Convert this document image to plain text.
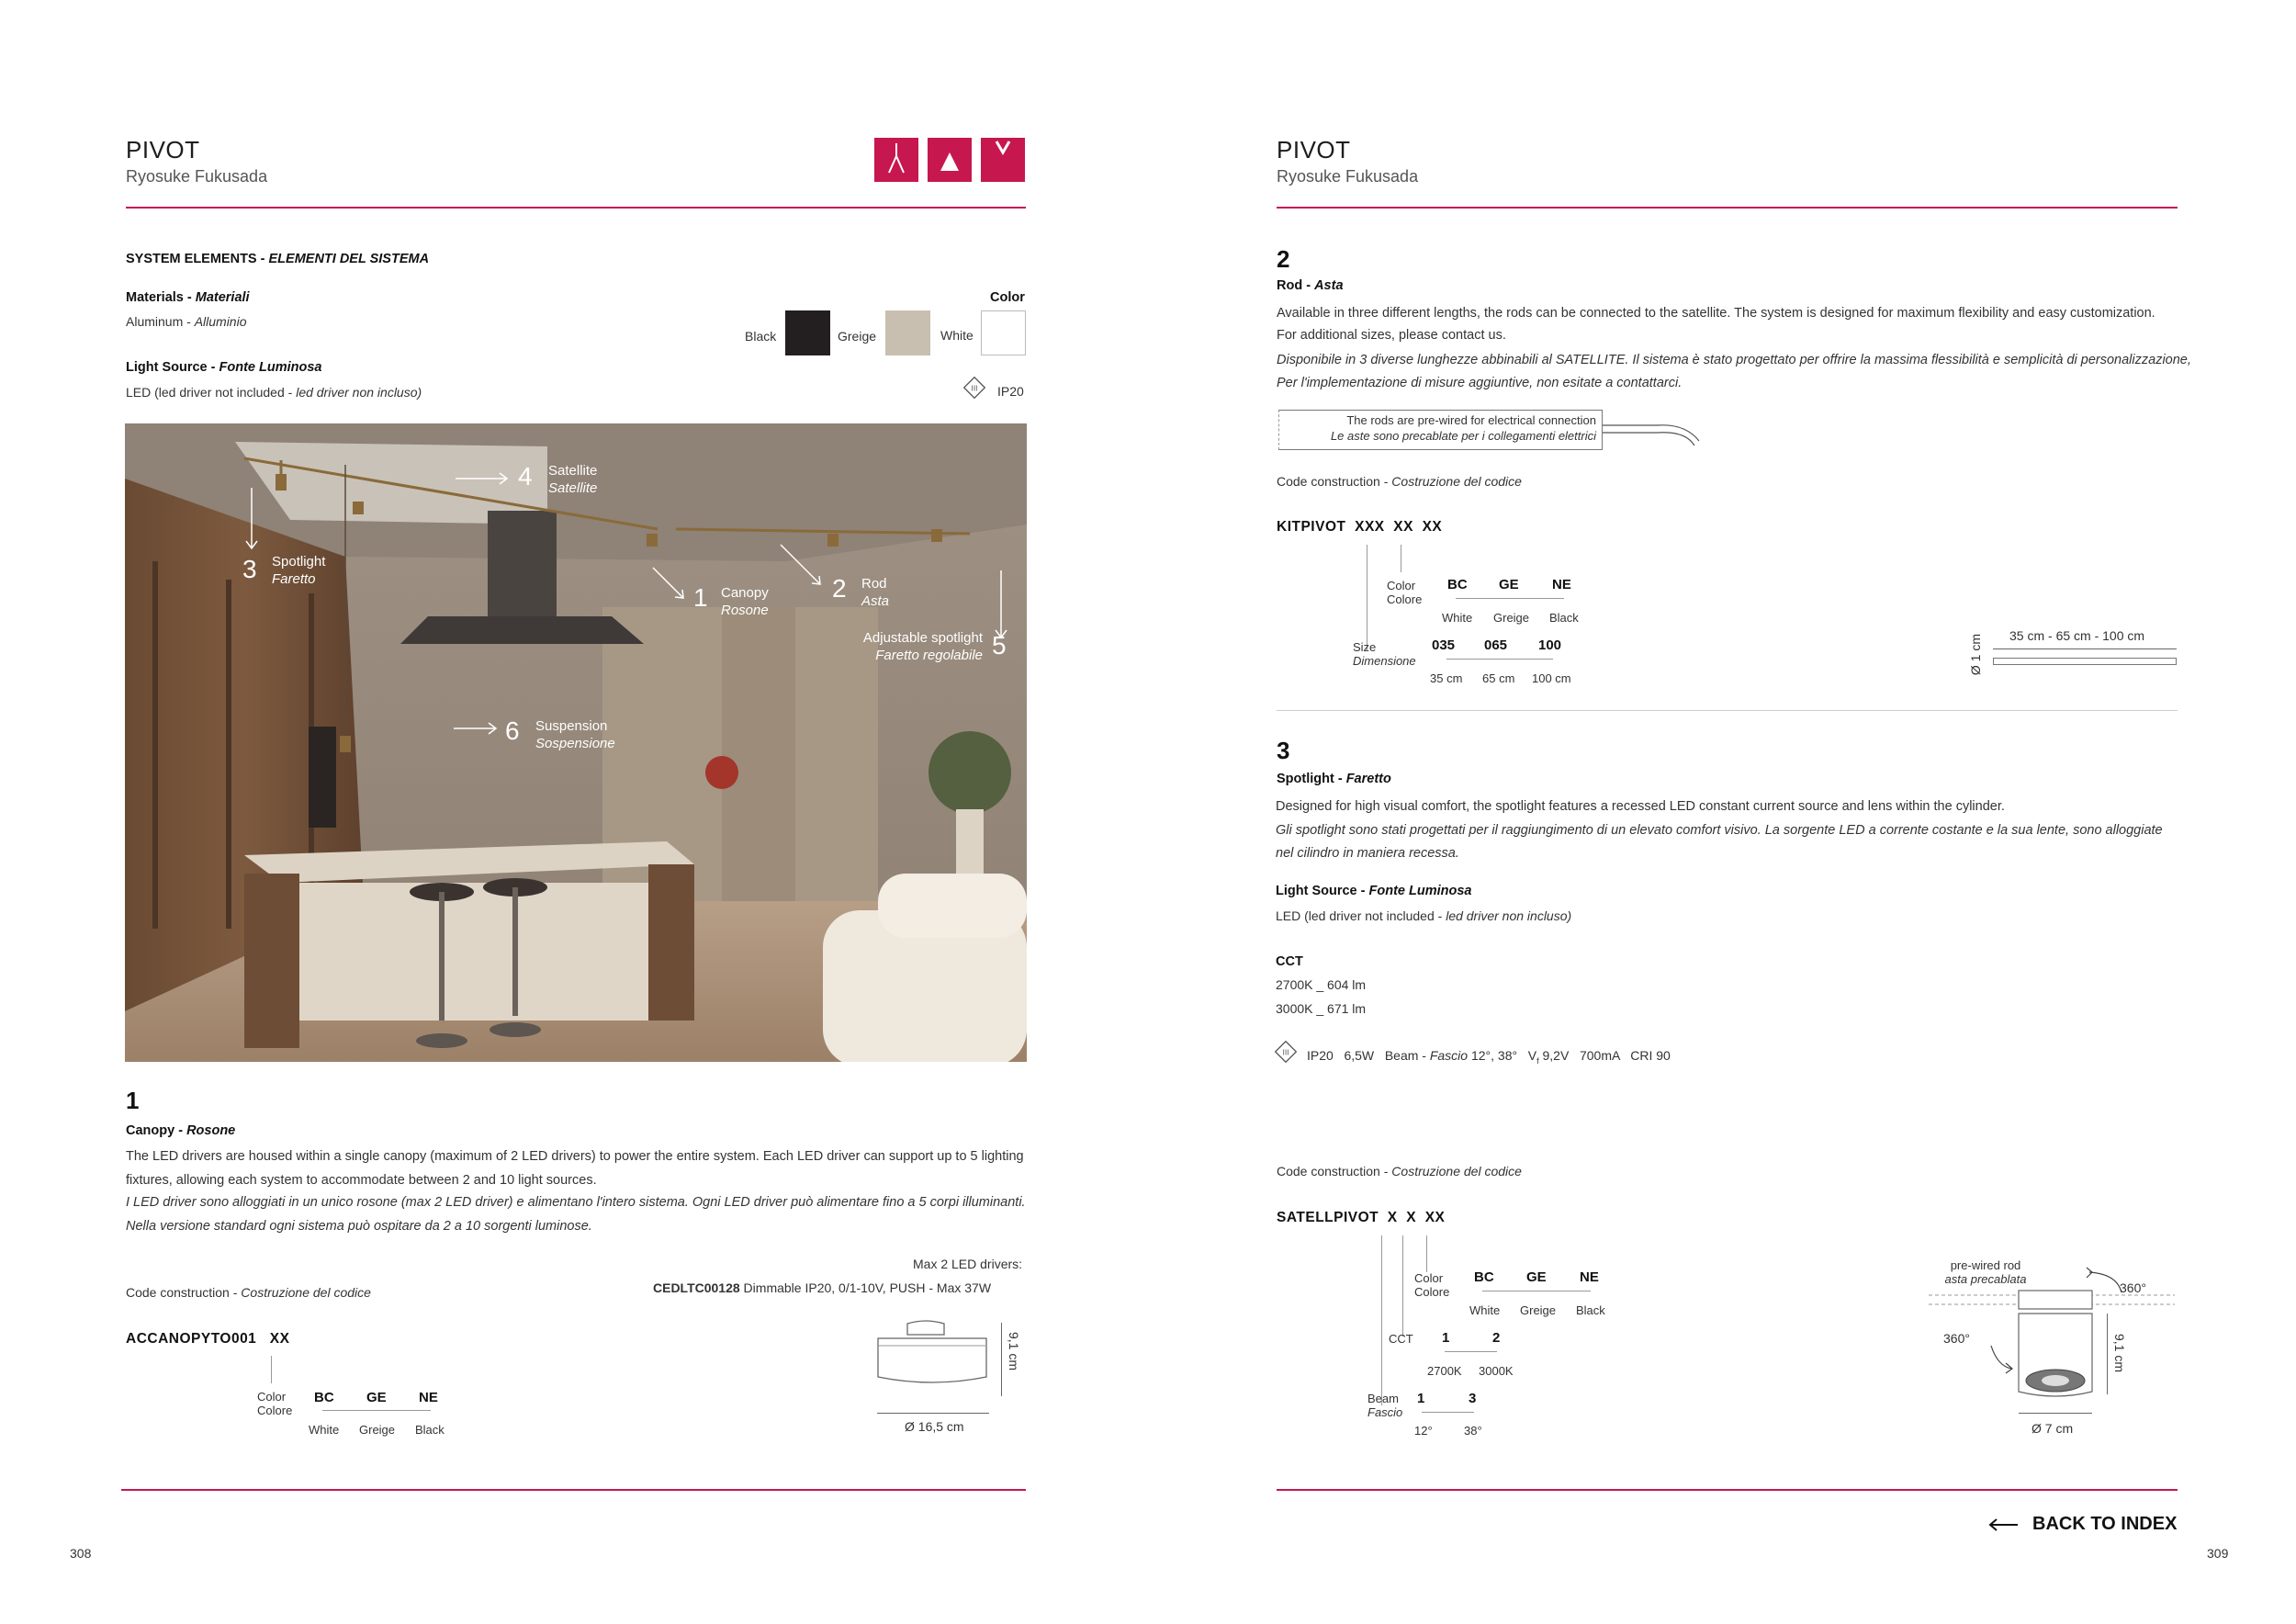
PIVOT
Ryosuke Fukusada
SYSTEM ELEMENTS - ELEMENTI DEL SISTEMA
Materials - Materiali
Aluminum - Alluminio
Color
Black	Greige	White
Light Source - Fonte Luminosa
LED (led driver not included - led driver non incluso)	III IP20
4 Satellite
Satellite
3 Spotlight
Faretto
1 Canopy
Rosone
2 Rod
Asta
Adjustable spotlight
Faretto regolabile 5
6 Suspension
Sospensione
1
Canopy - Rosone
The LED drivers are housed within a single canopy (maximum of 2 LED drivers) to power the entire system. Each LED driver can support up to 5 lighting fixtures, allowing each system to accommodate between 2 and 10 light sources.
I LED driver sono alloggiati in un unico rosone (max 2 LED driver) e alimentano l'intero sistema. Ogni LED driver può alimentare fino a 5 corpi illuminanti. Nella versione standard ogni sistema può ospitare da 2 a 10 sorgenti luminose.
Max 2 LED drivers:
CEDLTC00128 Dimmable IP20, 0/1-10V, PUSH - Max 37W
Code construction - Costruzione del codice
ACCANOPYTO001 XX
Color
Colore
BC GE NE
White Greige Black	Ø 16,5 cm
9,1 cm
308
PIVOT
Ryosuke Fukusada
2
Rod - Asta
Available in three different lengths, the rods can be connected to the satellite. The system is designed for maximum flexibility and easy customization.
For additional sizes, please contact us.
Disponibile in 3 diverse lunghezze abbinabili al SATELLITE. Il sistema è stato progettato per offrire la massima flessibilità e semplicità di personalizzazione,
Per l'implementazione di misure aggiuntive, non esitate a contattarci.
The rods are pre-wired for electrical connection
Le aste sono precablate per i collegamenti elettrici
Code construction - Costruzione del codice
KITPIVOT XXX XX XX
Color
Colore
BC GE NE
White Greige Black
Size
Dimensione
035 065 100
35 cm 65 cm 100 cm
35 cm - 65 cm - 100 cm
Ø 1 cm
3
Spotlight - Faretto
Designed for high visual comfort, the spotlight features a recessed LED constant current source and lens within the cylinder.
Gli spotlight sono stati progettati per il raggiungimento di un elevato comfort visivo. La sorgente LED a corrente costante e la sua lente, sono alloggiate
nel cilindro in maniera recessa.
Light Source - Fonte Luminosa
LED (led driver not included - led driver non incluso)
CCT
2700K _ 604 lm
3000K _ 671 lm
III IP20   6,5W   Beam - Fascio 12°, 38°   $V_f$ 9,2V   700mA   CRI 90
Code construction - Costruzione del codice
SATELLPIVOT X X XX
Color
Colore
BC GE NE
White Greige Black
CCT 1	2
2700K 3000K
Beam
Fascio
1	3
12°	38°
pre-wired rod
asta precablata
360°
360°	9,1 cm
Ø 7 cm
BACK TO INDEX
309
